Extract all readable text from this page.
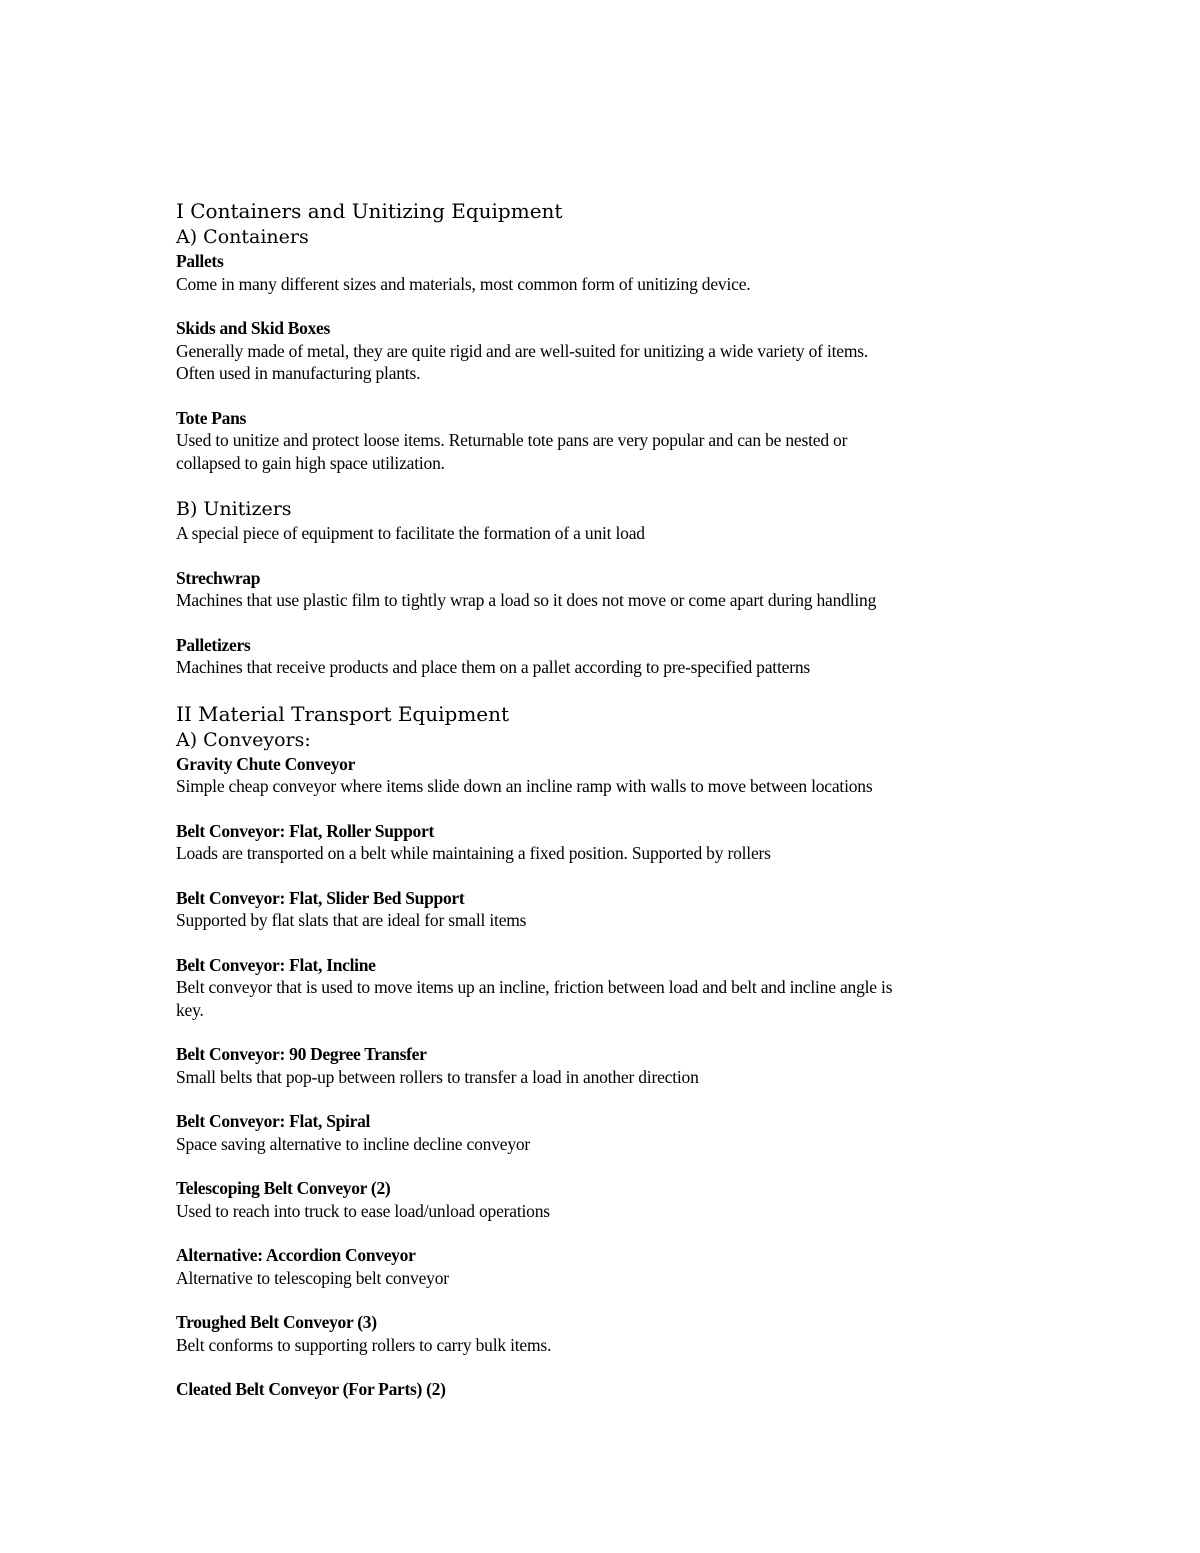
I Containers and Unitizing Equipment
A) Containers
Pallets
Come in many different sizes and materials, most common form of unitizing device.
Skids and Skid Boxes
Generally made of metal, they are quite rigid and are well-suited for unitizing a wide variety of items.
Often used in manufacturing plants.
Tote Pans
Used to unitize and protect loose items. Returnable tote pans are very popular and can be nested or
collapsed to gain high space utilization.
B) Unitizers
A special piece of equipment to facilitate the formation of a unit load
Strechwrap
Machines that use plastic film to tightly wrap a load so it does not move or come apart during handling
Palletizers
Machines that receive products and place them on a pallet according to pre-specified patterns
II Material Transport Equipment
A) Conveyors:
Gravity Chute Conveyor
Simple cheap conveyor where items slide down an incline ramp with walls to move between locations
Belt Conveyor: Flat, Roller Support
Loads are transported on a belt while maintaining a fixed position. Supported by rollers
Belt Conveyor: Flat, Slider Bed Support
Supported by flat slats that are ideal for small items
Belt Conveyor: Flat, Incline
Belt conveyor that is used to move items up an incline, friction between load and belt and incline angle is
key.
Belt Conveyor: 90 Degree Transfer
Small belts that pop-up between rollers to transfer a load in another direction
Belt Conveyor: Flat, Spiral
Space saving alternative to incline decline conveyor
Telescoping Belt Conveyor (2)
Used to reach into truck to ease load/unload operations
Alternative: Accordion Conveyor
Alternative to telescoping belt conveyor
Troughed Belt Conveyor (3)
Belt conforms to supporting rollers to carry bulk items.
Cleated Belt Conveyor (For Parts) (2)
